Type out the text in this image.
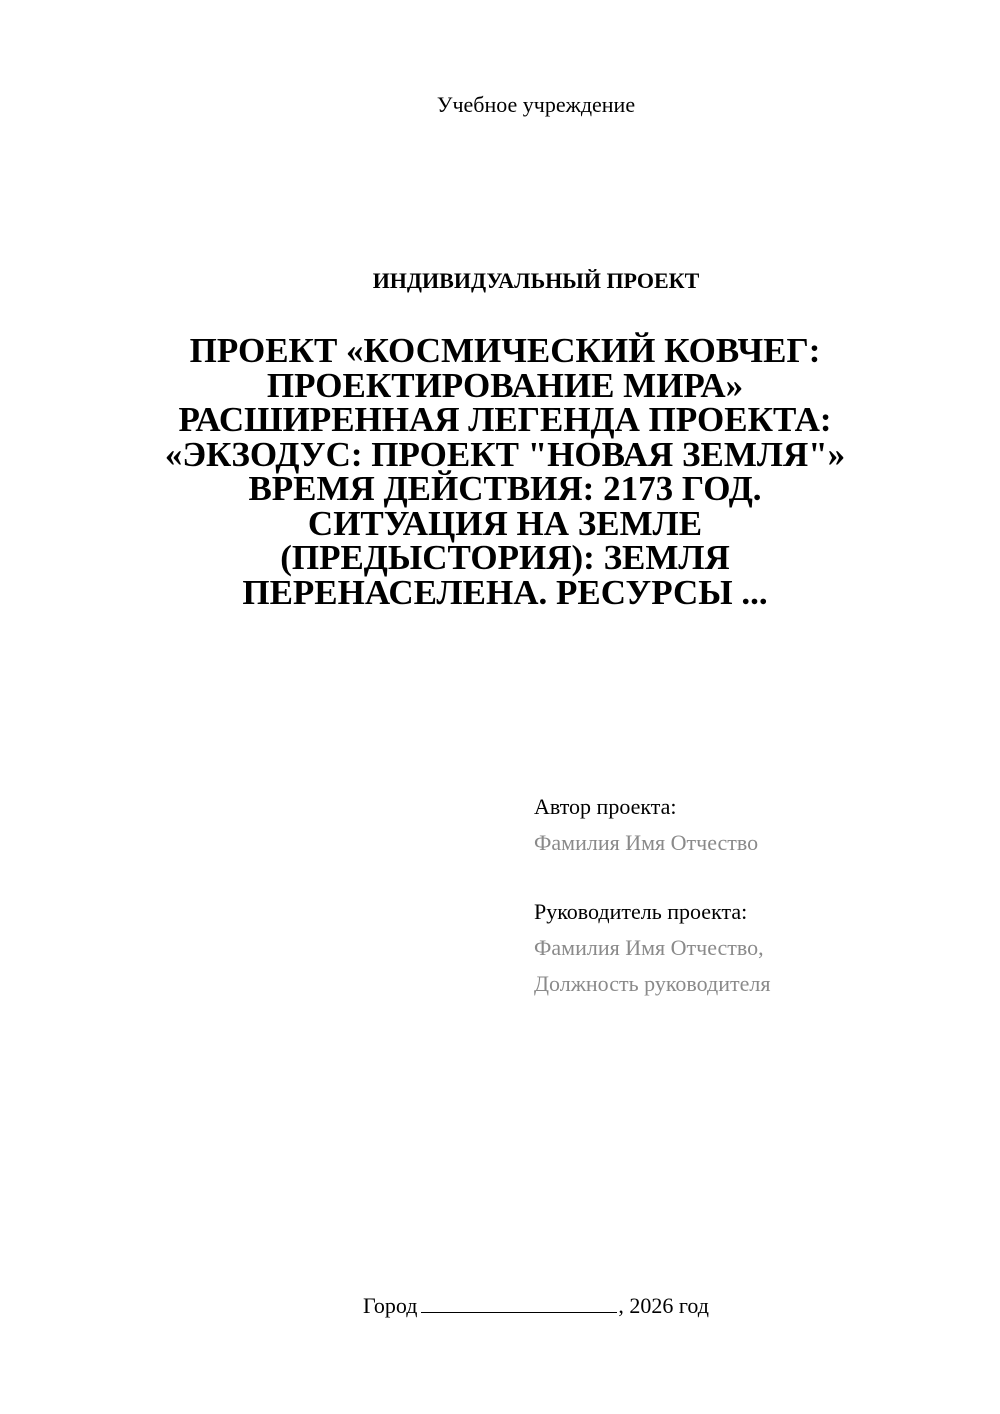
Учебное учреждение
ИНДИВИДУАЛЬНЫЙ ПРОЕКТ
ПРОЕКТ «КОСМИЧЕСКИЙ КОВЧЕГ:
ПРОЕКТИРОВАНИЕ МИРА»
РАСШИРЕННАЯ ЛЕГЕНДА ПРОЕКТА:
«ЭКЗОДУС: ПРОЕКТ "НОВАЯ ЗЕМЛЯ"»
ВРЕМЯ ДЕЙСТВИЯ: 2173 ГОД.
СИТУАЦИЯ НА ЗЕМЛЕ
(ПРЕДЫСТОРИЯ): ЗЕМЛЯ
ПЕРЕНАСЕЛЕНА. РЕСУРСЫ ...
Автор проекта:
Фамилия Имя Отчество
Руководитель проекта:
Фамилия Имя Отчество,
Должность руководителя
Город	, 2026 год
